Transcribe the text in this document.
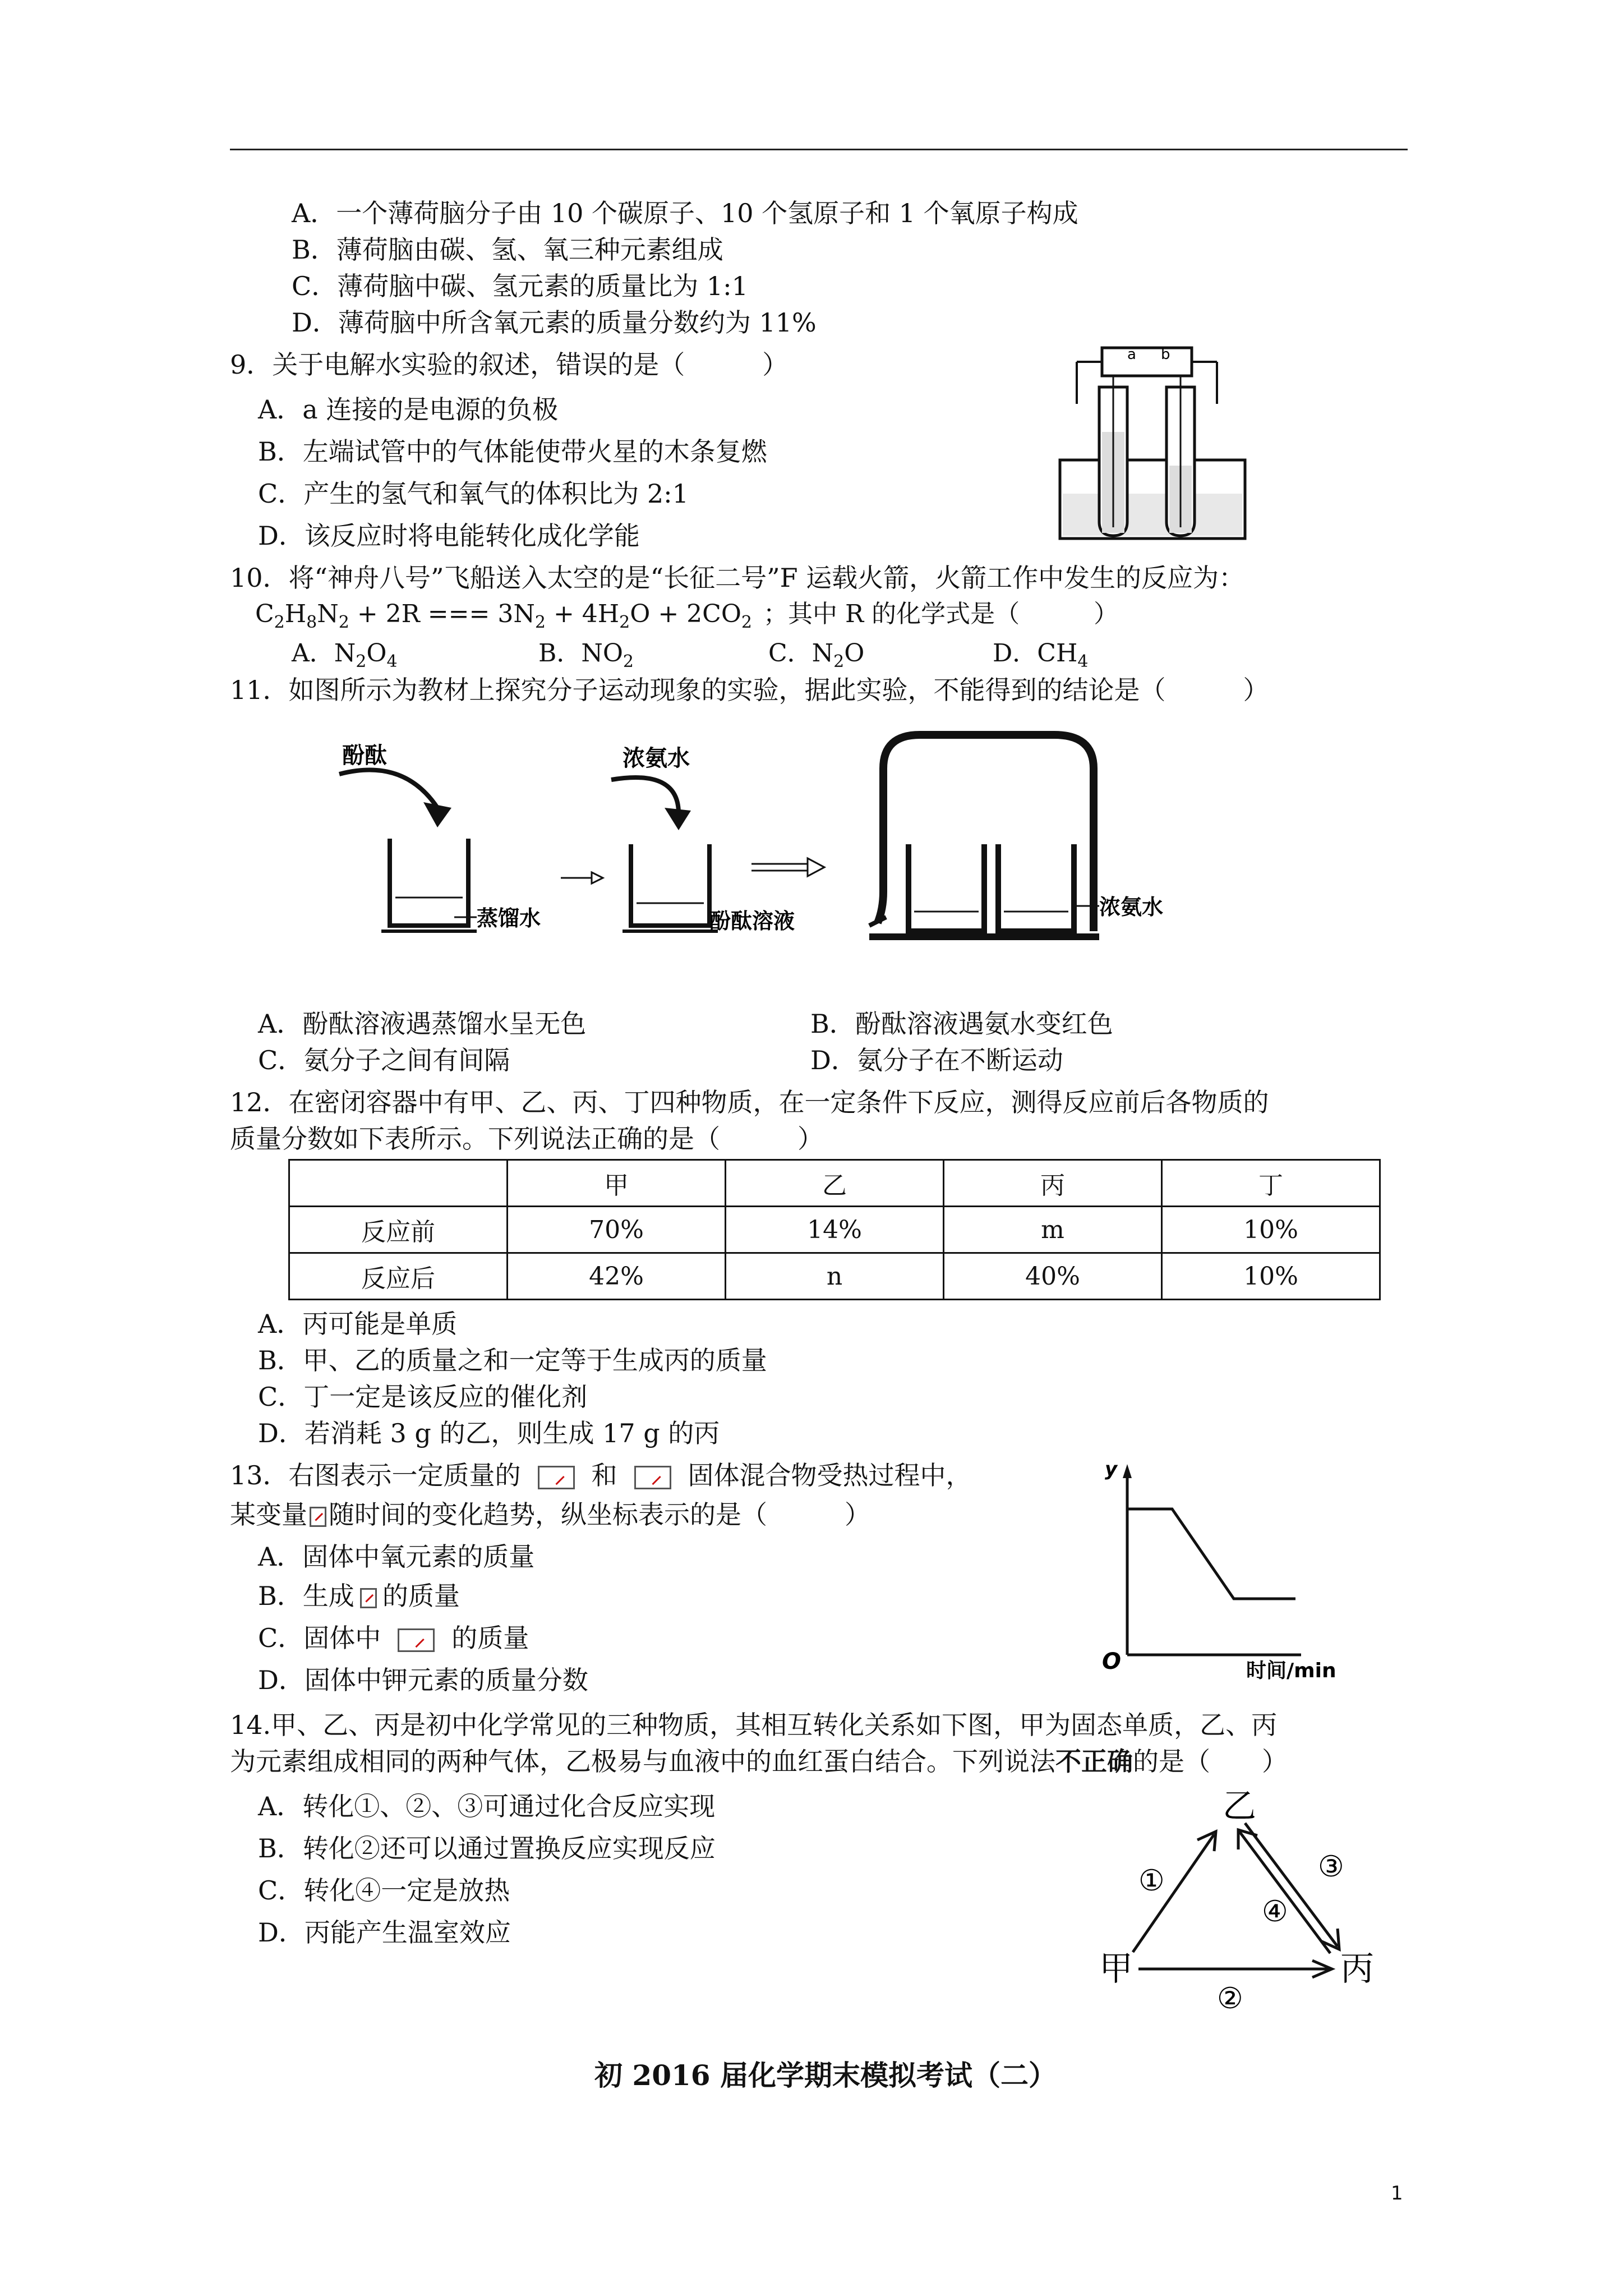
A．一个薄荷脑分子由 10 个碳原子、10 个氢原子和 1 个氧原子构成
B．薄荷脑由碳、氢、氧三种元素组成
C．薄荷脑中碳、氢元素的质量比为 1:1
D．薄荷脑中所含氧元素的质量分数约为 11%
9．关于电解水实验的叙述，错误的是（　　　）
A．a 连接的是电源的负极
B．左端试管中的气体能使带火星的木条复燃
C．产生的氢气和氧气的体积比为 2:1
D．该反应时将电能转化成化学能
a b
10．将“神舟八号”飞船送入太空的是“长征二号”F 运载火箭，火箭工作中发生的反应为：
$C_2H_8N_2 + 2R$ === $3N_2 + 4H_2O + 2CO_2$ ；其中 R 的化学式是（　　　）
A．$N_2O_4$	B．$NO_2$	C．$N_2O$	D．$CH_4$
11．如图所示为教材上探究分子运动现象的实验，据此实验，不能得到的结论是（　　　）
酚酞
蒸馏水
浓氨水
酚酞溶液
浓氨水
A．酚酞溶液遇蒸馏水呈无色	B．酚酞溶液遇氨水变红色
C．氨分子之间有间隔	D．氨分子在不断运动
12．在密闭容器中有甲、乙、丙、丁四种物质，在一定条件下反应，测得反应前后各物质的
质量分数如下表所示。下列说法正确的是（　　　）
	甲	乙	丙	丁
反应前	70%	14%	m	10%
反应后	42%	n	40%	10%
A．丙可能是单质
B．甲、乙的质量之和一定等于生成丙的质量
C．丁一定是该反应的催化剂
D．若消耗 3 g 的乙，则生成 17 g 的丙
13．右图表示一定质量的	和	固体混合物受热过程中，
某变量 随时间的变化趋势，纵坐标表示的是（　　　）
A．固体中氧元素的质量
B．生成 的质量
C．固体中	的质量
D．固体中钾元素的质量分数
y
O	时间/min
14.甲、乙、丙是初中化学常见的三种物质，其相互转化关系如下图，甲为固态单质，乙、丙
为元素组成相同的两种气体，乙极易与血液中的血红蛋白结合。下列说法不正确的是（　　）
A．转化①、②、③可通过化合反应实现
B．转化②还可以通过置换反应实现反应
C．转化④一定是放热
D．丙能产生温室效应
乙
甲	丙
①
②
③
④
初 2016 届化学期末模拟考试（二）
1
